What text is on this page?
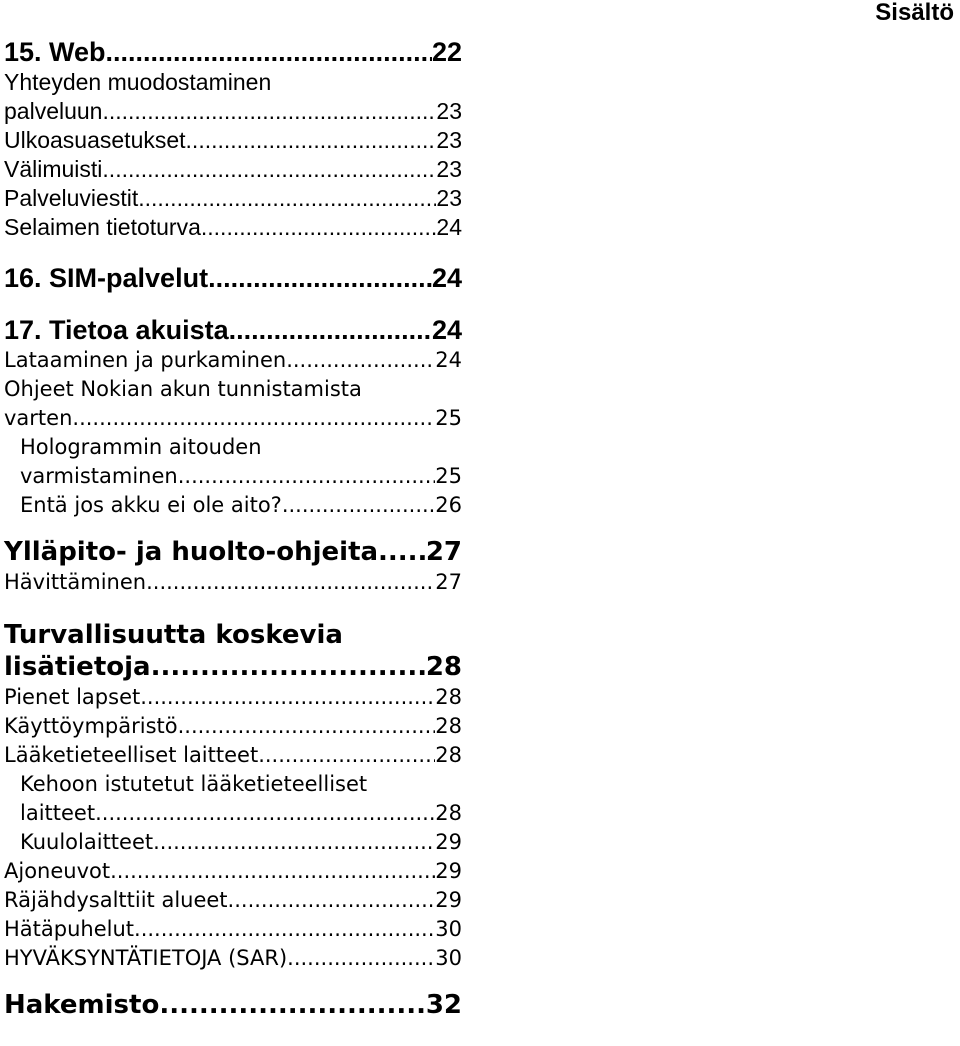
Sisältö
15. Web .....	22
Yhteyden muodostaminen
palveluun .....	23
Ulkoasuasetukset .....	23
Välimuisti .....	23
Palveluviestit .....	23
Selaimen tietoturva .....	24
16. SIM-palvelut .....	24
17. Tietoa akuista .....	24
Lataaminen ja purkaminen .....	24
Ohjeet Nokian akun tunnistamista
varten .....	25
Hologrammin aitouden
varmistaminen .....	25
Entä jos akku ei ole aito? .....	26
Ylläpito- ja huolto-ohjeita ..... 27
Hävittäminen .....	27
Turvallisuutta koskevia
lisätietoja .....	28
Pienet lapset .....	28
Käyttöympäristö .....	28
Lääketieteelliset laitteet .....	28
Kehoon istutetut lääketieteelliset
laitteet .....	28
Kuulolaitteet .....	29
Ajoneuvot .....	29
Räjähdysalttiit alueet .....	29
Hätäpuhelut .....	30
HYVÄKSYNTÄTIETOJA (SAR) .....	30
Hakemisto .....	32
